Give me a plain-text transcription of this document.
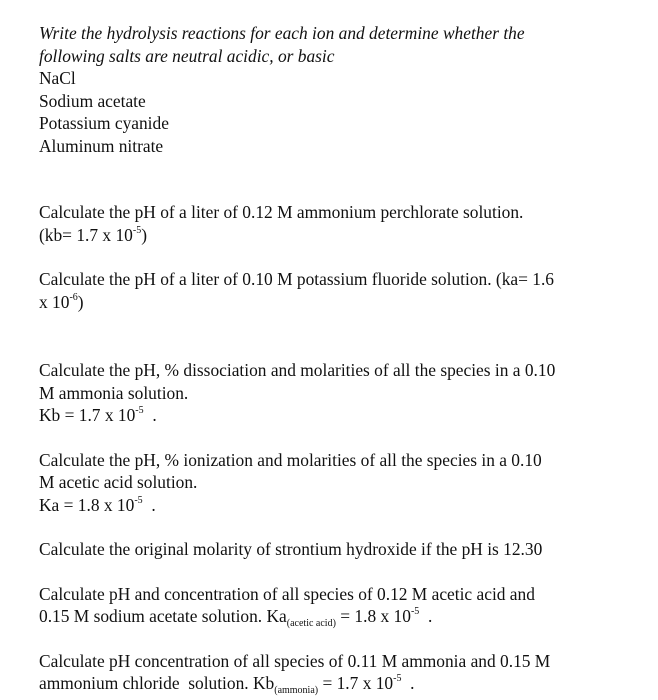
Write the hydrolysis reactions for each ion and determine whether the
following salts are neutral acidic, or basic
NaCl
Sodium acetate
Potassium cyanide
Aluminum nitrate
Calculate the pH of a liter of 0.12 M ammonium perchlorate solution.
(kb= 1.7 x $10^{-5}$)
Calculate the pH of a liter of 0.10 M potassium fluoride solution. (ka= 1.6
x $10^{-6}$)
Calculate the pH, % dissociation and molarities of all the species in a 0.10
M ammonia solution.
Kb = 1.7 x $10^{-5}$  .
Calculate the pH, % ionization and molarities of all the species in a 0.10
M acetic acid solution.
Ka = 1.8 x $10^{-5}$  .
Calculate the original molarity of strontium hydroxide if the pH is 12.30
Calculate pH and concentration of all species of 0.12 M acetic acid and
0.15 M sodium acetate solution. $Ka_{(acetic acid)} = 1.8$ x $10^{-5}$  .
Calculate pH concentration of all species of 0.11 M ammonia and 0.15 M
ammonium chloride  solution. $Kb_{(ammonia)} = 1.7$ x $10^{-5}$  .
